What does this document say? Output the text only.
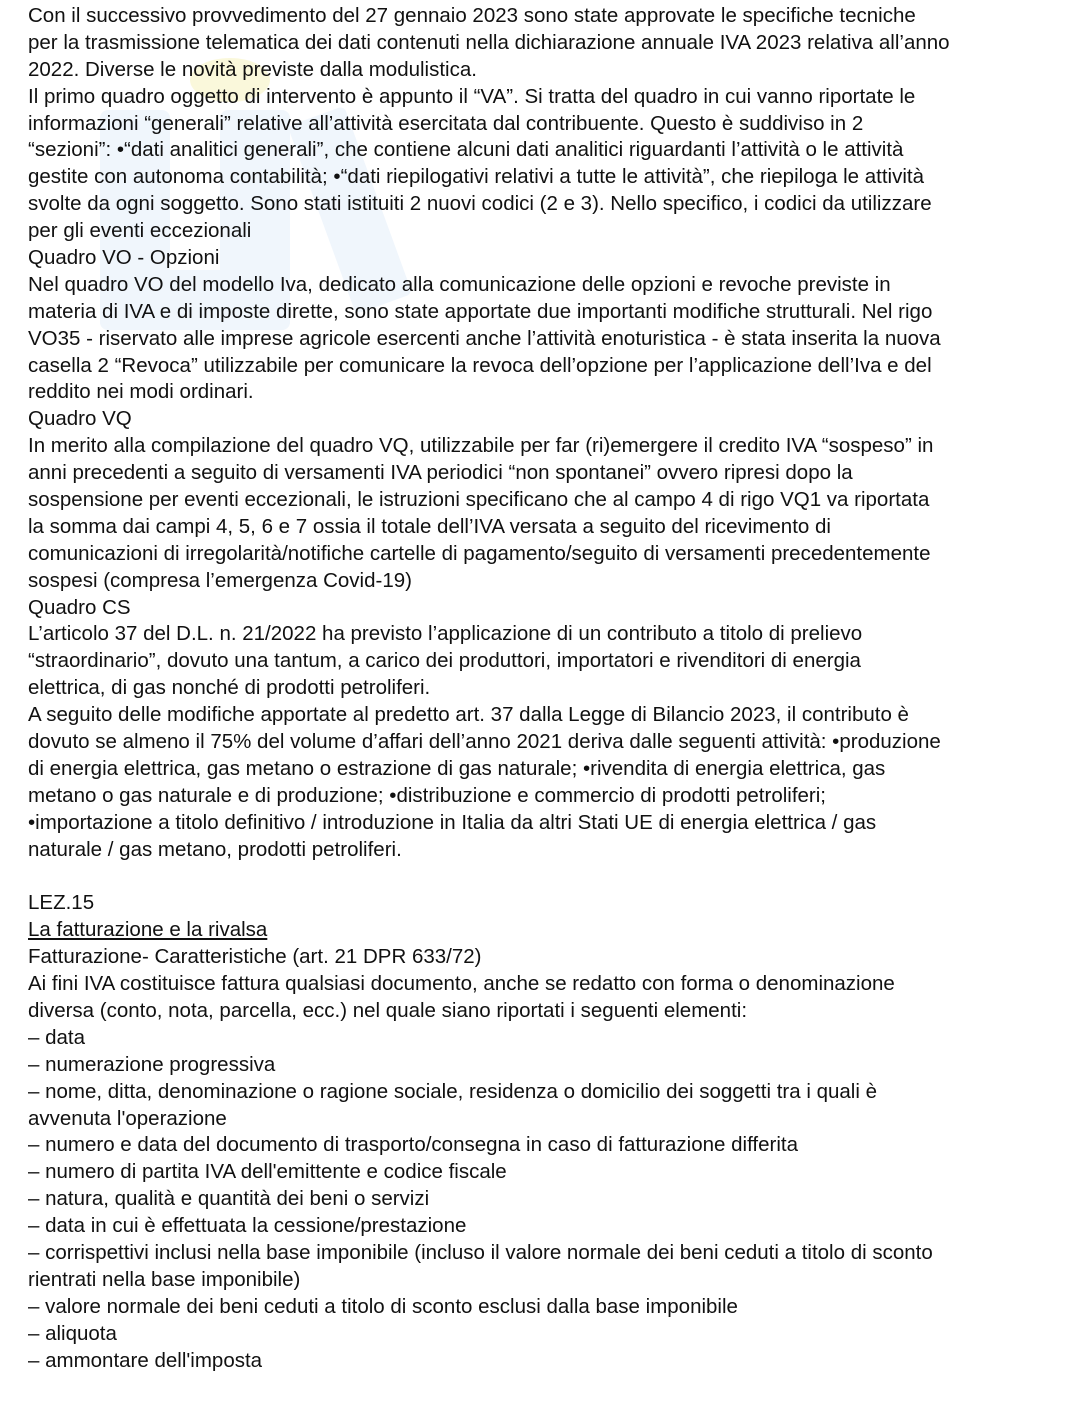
Con il successivo provvedimento del 27 gennaio 2023 sono state approvate le specifiche tecniche
per la trasmissione telematica dei dati contenuti nella dichiarazione annuale IVA 2023 relativa all’anno
2022. Diverse le novità previste dalla modulistica.
Il primo quadro oggetto di intervento è appunto il “VA”. Si tratta del quadro in cui vanno riportate le
informazioni “generali” relative all’attività esercitata dal contribuente. Questo è suddiviso in 2
“sezioni”: •“dati analitici generali”, che contiene alcuni dati analitici riguardanti l’attività o le attività
gestite con autonoma contabilità; •“dati riepilogativi relativi a tutte le attività”, che riepiloga le attività
svolte da ogni soggetto. Sono stati istituiti 2 nuovi codici (2 e 3). Nello specifico, i codici da utilizzare
per gli eventi eccezionali
Quadro VO - Opzioni
Nel quadro VO del modello Iva, dedicato alla comunicazione delle opzioni e revoche previste in
materia di IVA e di imposte dirette, sono state apportate due importanti modifiche strutturali. Nel rigo
VO35 - riservato alle imprese agricole esercenti anche l’attività enoturistica - è stata inserita la nuova
casella 2 “Revoca” utilizzabile per comunicare la revoca dell’opzione per l’applicazione dell’Iva e del
reddito nei modi ordinari.
Quadro VQ
In merito alla compilazione del quadro VQ, utilizzabile per far (ri)emergere il credito IVA “sospeso” in
anni precedenti a seguito di versamenti IVA periodici “non spontanei” ovvero ripresi dopo la
sospensione per eventi eccezionali, le istruzioni specificano che al campo 4 di rigo VQ1 va riportata
la somma dai campi 4, 5, 6 e 7 ossia il totale dell’IVA versata a seguito del ricevimento di
comunicazioni di irregolarità/notifiche cartelle di pagamento/seguito di versamenti precedentemente
sospesi (compresa l’emergenza Covid-19)
Quadro CS
L’articolo 37 del D.L. n. 21/2022 ha previsto l’applicazione di un contributo a titolo di prelievo
“straordinario”, dovuto una tantum, a carico dei produttori, importatori e rivenditori di energia
elettrica, di gas nonché di prodotti petroliferi.
A seguito delle modifiche apportate al predetto art. 37 dalla Legge di Bilancio 2023, il contributo è
dovuto se almeno il 75% del volume d’affari dell’anno 2021 deriva dalle seguenti attività: •produzione
di energia elettrica, gas metano o estrazione di gas naturale; •rivendita di energia elettrica, gas
metano o gas naturale e di produzione; •distribuzione e commercio di prodotti petroliferi;
•importazione a titolo definitivo / introduzione in Italia da altri Stati UE di energia elettrica / gas
naturale / gas metano, prodotti petroliferi.
LEZ.15
La fatturazione e la rivalsa
Fatturazione- Caratteristiche (art. 21 DPR 633/72)
Ai fini IVA costituisce fattura qualsiasi documento, anche se redatto con forma o denominazione
diversa (conto, nota, parcella, ecc.) nel quale siano riportati i seguenti elementi:
– data
– numerazione progressiva
– nome, ditta, denominazione o ragione sociale, residenza o domicilio dei soggetti tra i quali è
avvenuta l'operazione
– numero e data del documento di trasporto/consegna in caso di fatturazione differita
– numero di partita IVA dell'emittente e codice fiscale
– natura, qualità e quantità dei beni o servizi
– data in cui è effettuata la cessione/prestazione
– corrispettivi inclusi nella base imponibile (incluso il valore normale dei beni ceduti a titolo di sconto
rientrati nella base imponibile)
– valore normale dei beni ceduti a titolo di sconto esclusi dalla base imponibile
– aliquota
– ammontare dell'imposta
